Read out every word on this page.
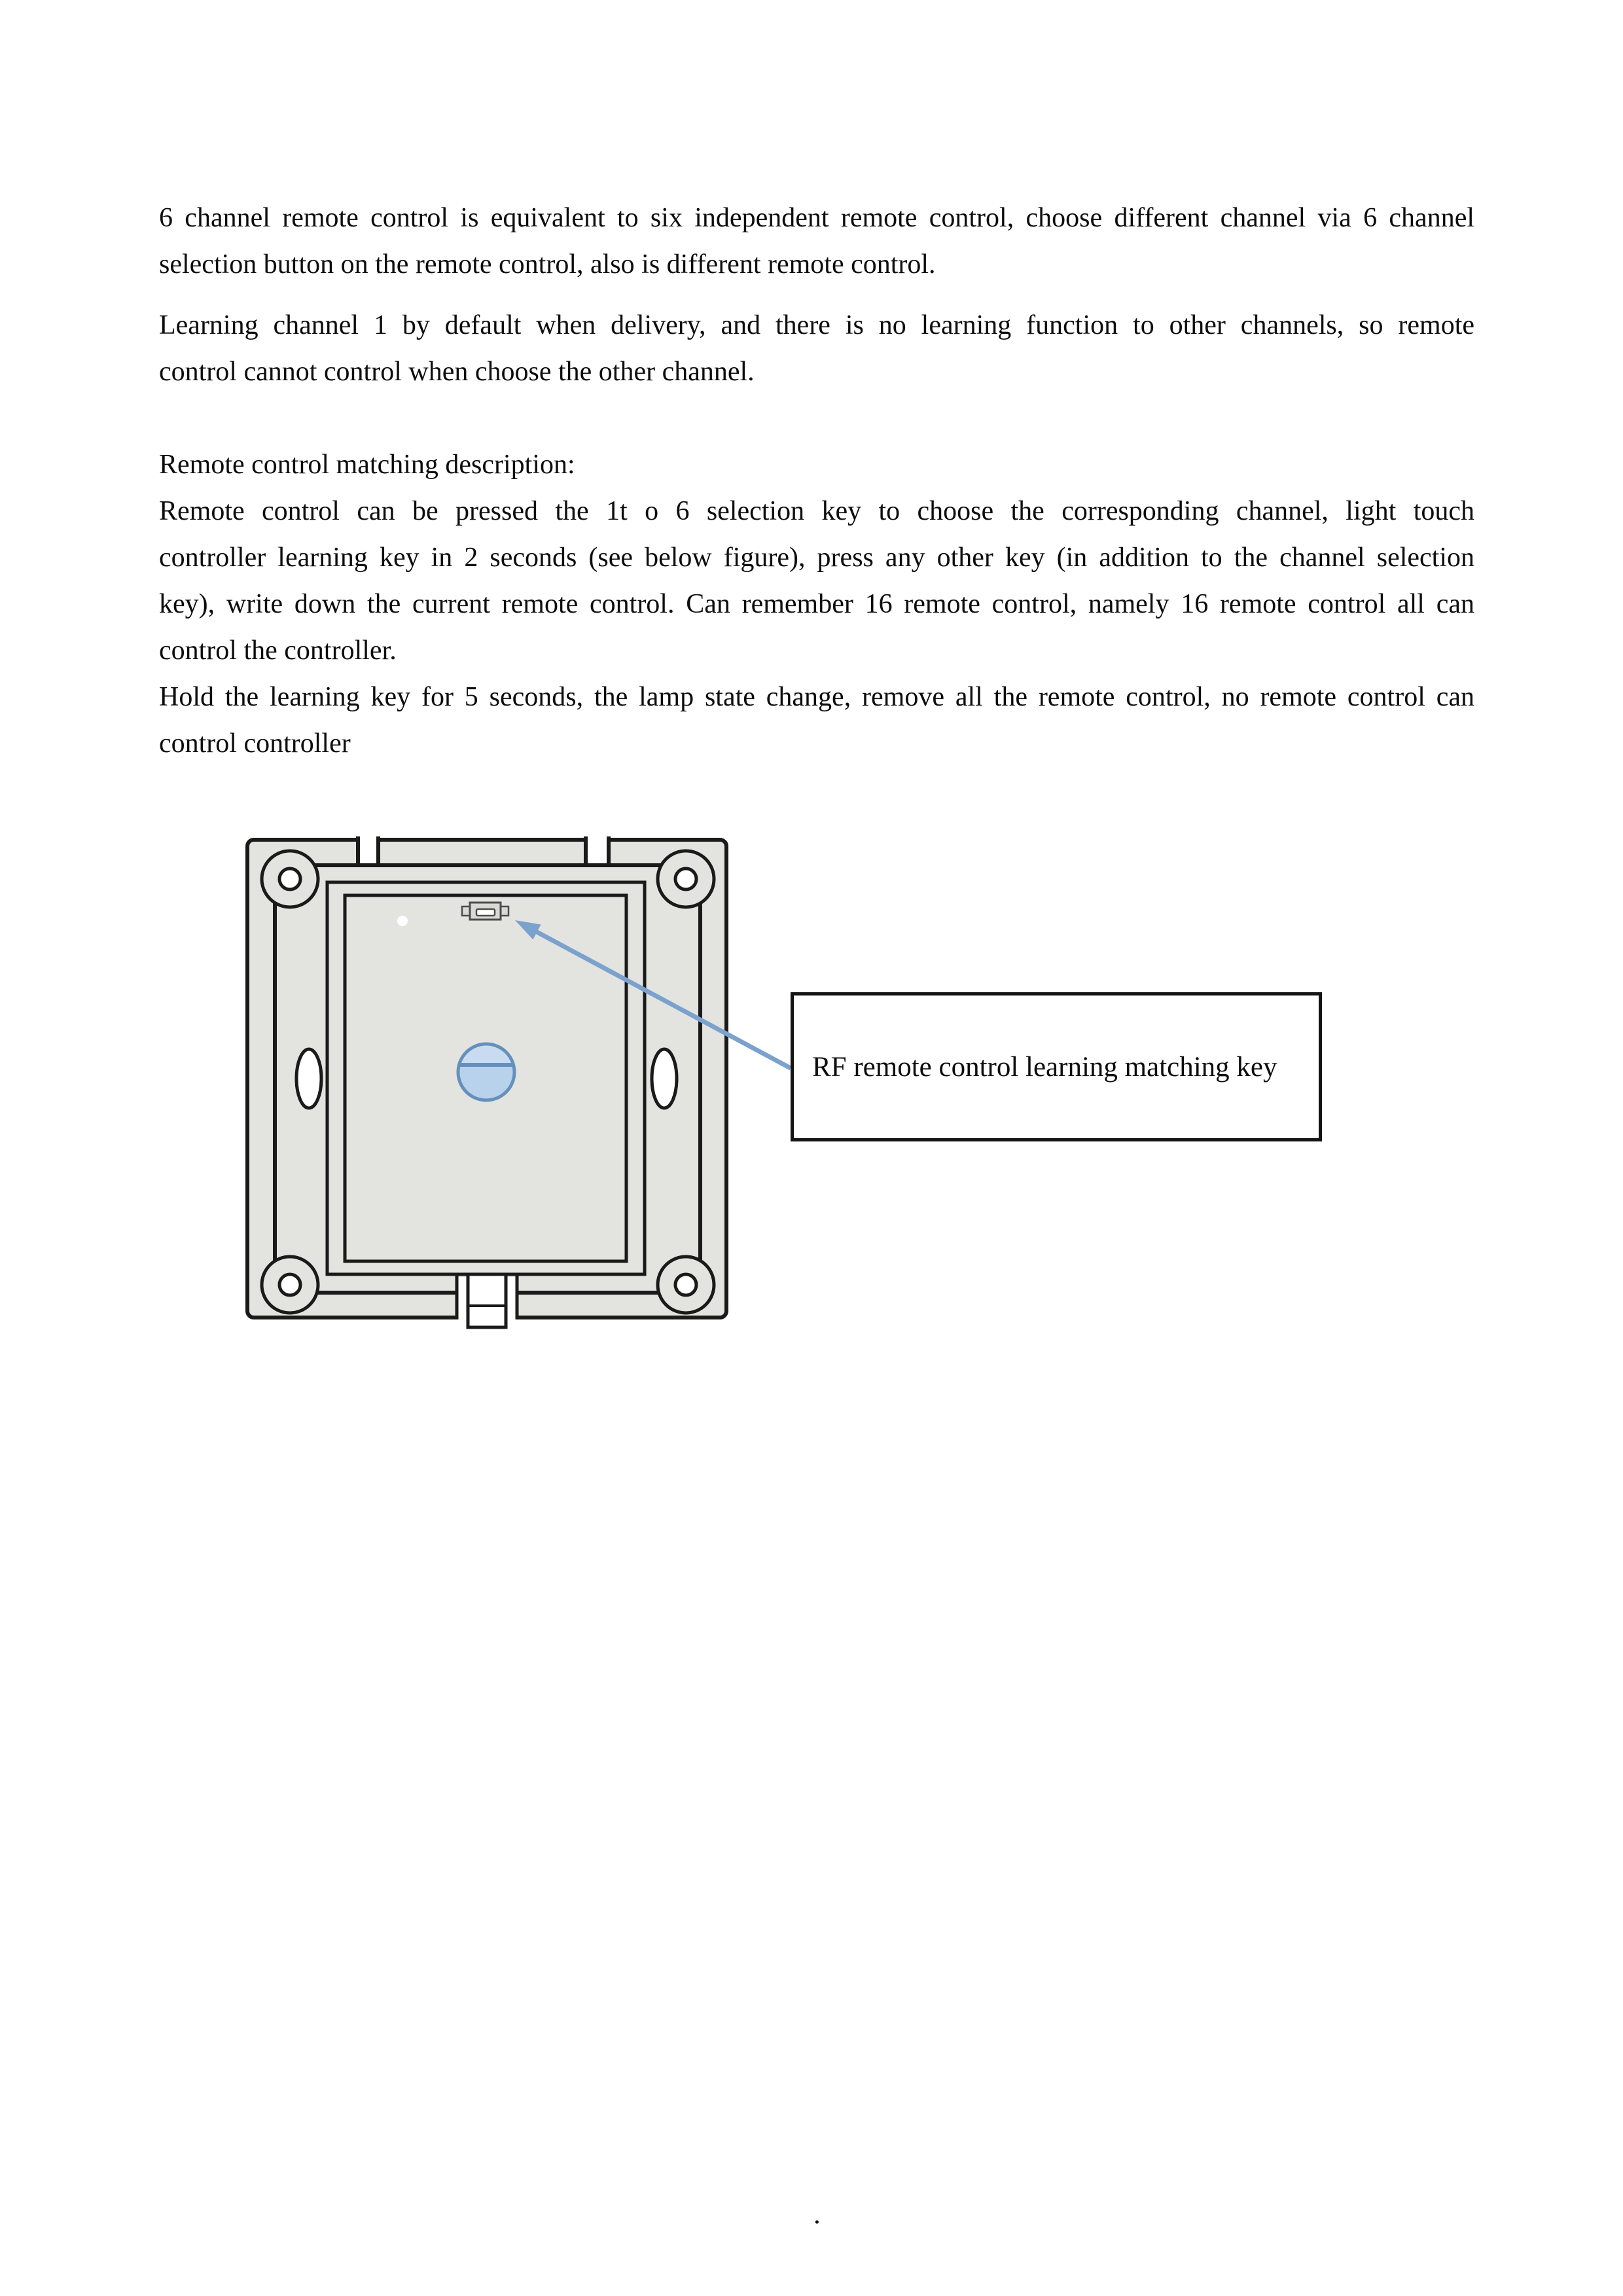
6 channel remote control is equivalent to six independent remote control, choose different channel via 6 channel
selection button on the remote control, also is different remote control.
Learning channel 1 by default when delivery, and there is no learning function to other channels, so remote
control cannot control when choose the other channel.
Remote control matching description:
Remote control can be pressed the 1t o 6 selection key to choose the corresponding channel, light touch
controller learning key in 2 seconds (see below figure), press any other key (in addition to the channel selection
key), write down the current remote control. Can remember 16 remote control, namely 16 remote control all can
control the controller.
Hold the learning key for 5 seconds, the lamp state change, remove all the remote control, no remote control can
control controller
RF remote control learning matching key
.
